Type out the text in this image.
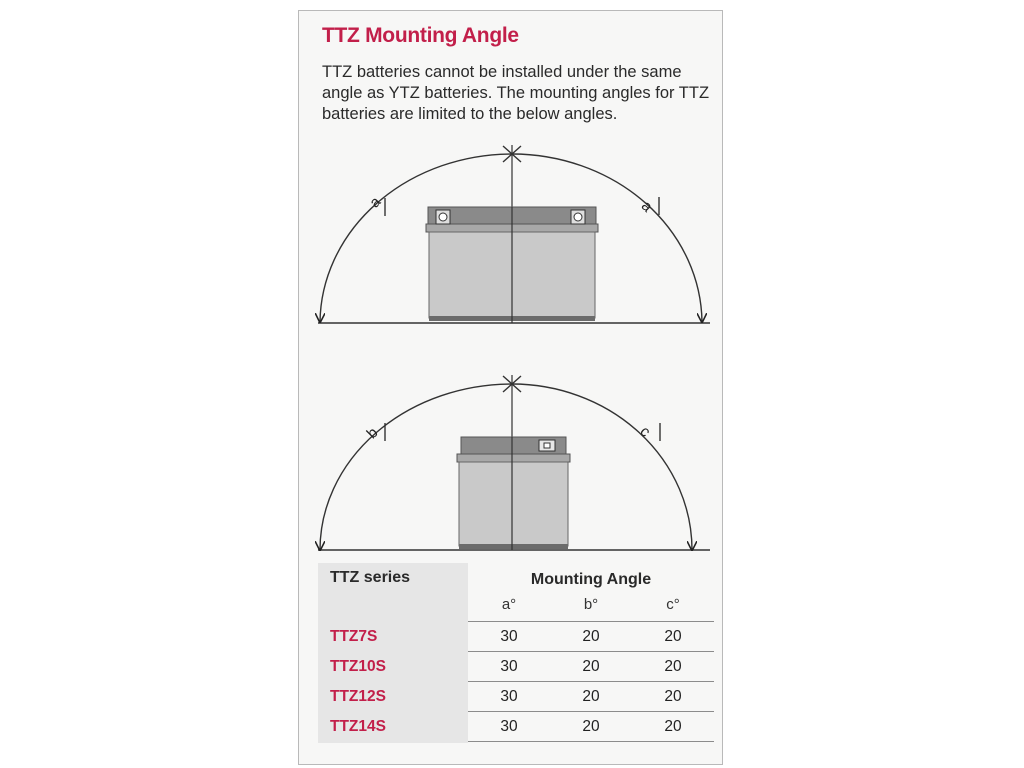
TTZ Mounting Angle
TTZ batteries cannot be installed under the same angle as YTZ batteries. The mounting angles for TTZ batteries are limited to the below angles.
a	a
b	c
TTZ series	Mounting Angle
a°	b°	c°
TTZ7S	30	20	20
TTZ10S	30	20	20
TTZ12S	30	20	20
TTZ14S	30	20	20
